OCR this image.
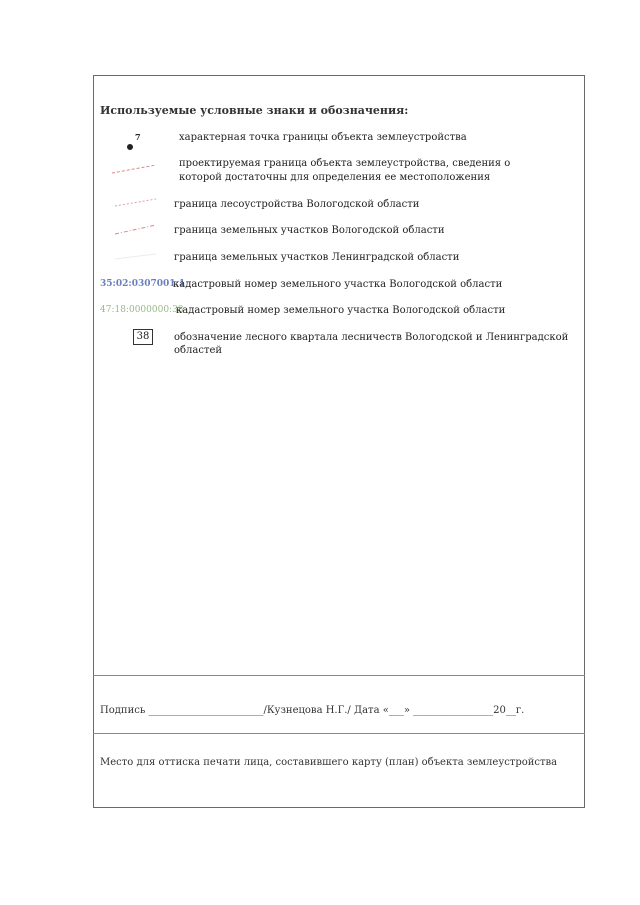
Используемые условные знаки и обозначения:
7	характерная точка границы объекта землеустройства
проектируемая граница объекта землеустройства, сведения о
которой достаточны для определения ее местоположения
граница лесоустройства Вологодской области
граница земельных участков Вологодской области
граница земельных участков Ленинградской области
35:02:0307001:1
кадастровый номер земельного участка Вологодской области
47:18:0000000:38
кадастровый номер земельного участка Вологодской области
38	обозначение лесного квартала лесничеств Вологодской и Ленинградской
областей
Подпись _______________________/Кузнецова Н.Г./ Дата «___» ________________20__г.
Место для оттиска печати лица, составившего карту (план) объекта землеустройства
